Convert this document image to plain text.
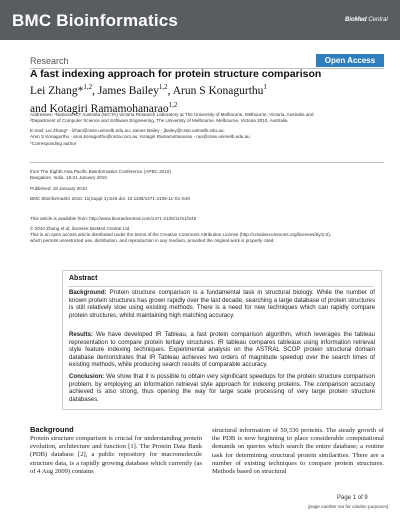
BMC Bioinformatics	BioMed Central
Research	Open Access
A fast indexing approach for protein structure comparison
Lei Zhang*$^{1,2}$, James Bailey$^{1,2}$, Arun S Konagurthu$^1$
and Kotagiri Ramamohanarao$^{1,2}$
Addresses: ¹National ICT Australia (NICTA) Victoria Research Laboratory at The University of Melbourne, Melbourne, Victoria, Australia and
²Department of Computer Science and Software Engineering, The University of Melbourne, Melbourne, Victoria 3010, Australia
E-mail: Lei Zhang* - lzhan@csse.unimelb.edu.au; James Bailey - jbailey@csse.unimelb.edu.au;
Arun S Konagurthu - arun.konagurthu@nicta.com.au; Kotagiri Ramamohanarao - rao@csse.unimelb.edu.au
*Corresponding author
from The Eighth Asia Pacific Bioinformatics Conference (APBC 2010)
Bangalore, India. 18-21 January 2010
Published: 18 January 2010
BMC Bioinformatics 2010, 11(Suppl 1):S46 doi: 10.1186/1471-2105-11-S1-S46
This article is available from: http://www.biomedcentral.com/1471-2105/11/S1/S46
© 2010 Zhang et al; licensee BioMed Central Ltd.
This is an open access article distributed under the terms of the Creative Commons Attribution License (http://creativecommons.org/licenses/by/2.0),
which permits unrestricted use, distribution, and reproduction in any medium, provided the original work is properly cited.
Abstract
Background: Protein structure comparison is a fundamental task in structural biology. While the number of known protein structures has grown rapidly over the last decade, searching a large database of protein structures is still relatively slow using existing methods. There is a need for new techniques which can rapidly compare protein structures, whilst maintaining high matching accuracy.
Results: We have developed IR Tableau, a fast protein comparison algorithm, which leverages the tableau representation to compare protein tertiary structures. IR tableau compares tableaux using information retrieval style feature indexing techniques. Experimental analysis on the ASTRAL SCOP protein structural domain database demonstrates that IR Tableau achieves two orders of magnitude speedup over the search times of existing methods, while producing search results of comparable accuracy.
Conclusion: We show that it is possible to obtain very significant speedups for the protein structure comparison problem, by employing an information retrieval style approach for indexing proteins. The comparison accuracy achieved is also strong, thus opening the way for large scale processing of very large protein structure databases.
Background
Protein structure comparison is crucial for understanding protein evolution, architecture and function [1]. The Protein Data Bank (PDB) database [2], a public repository for macromolecule structure data, is a rapidly growing database which currently (as of 4 Aug 2009) contains
structural information of 59,330 proteins. The steady growth of the PDB is now beginning to place considerable computational demands on queries which search the entire database; a routine task for determining structural protein similarities. There are a number of existing techniques to compare protein structures. Methods based on structural
Page 1 of 9
(page number not for citation purposes)
